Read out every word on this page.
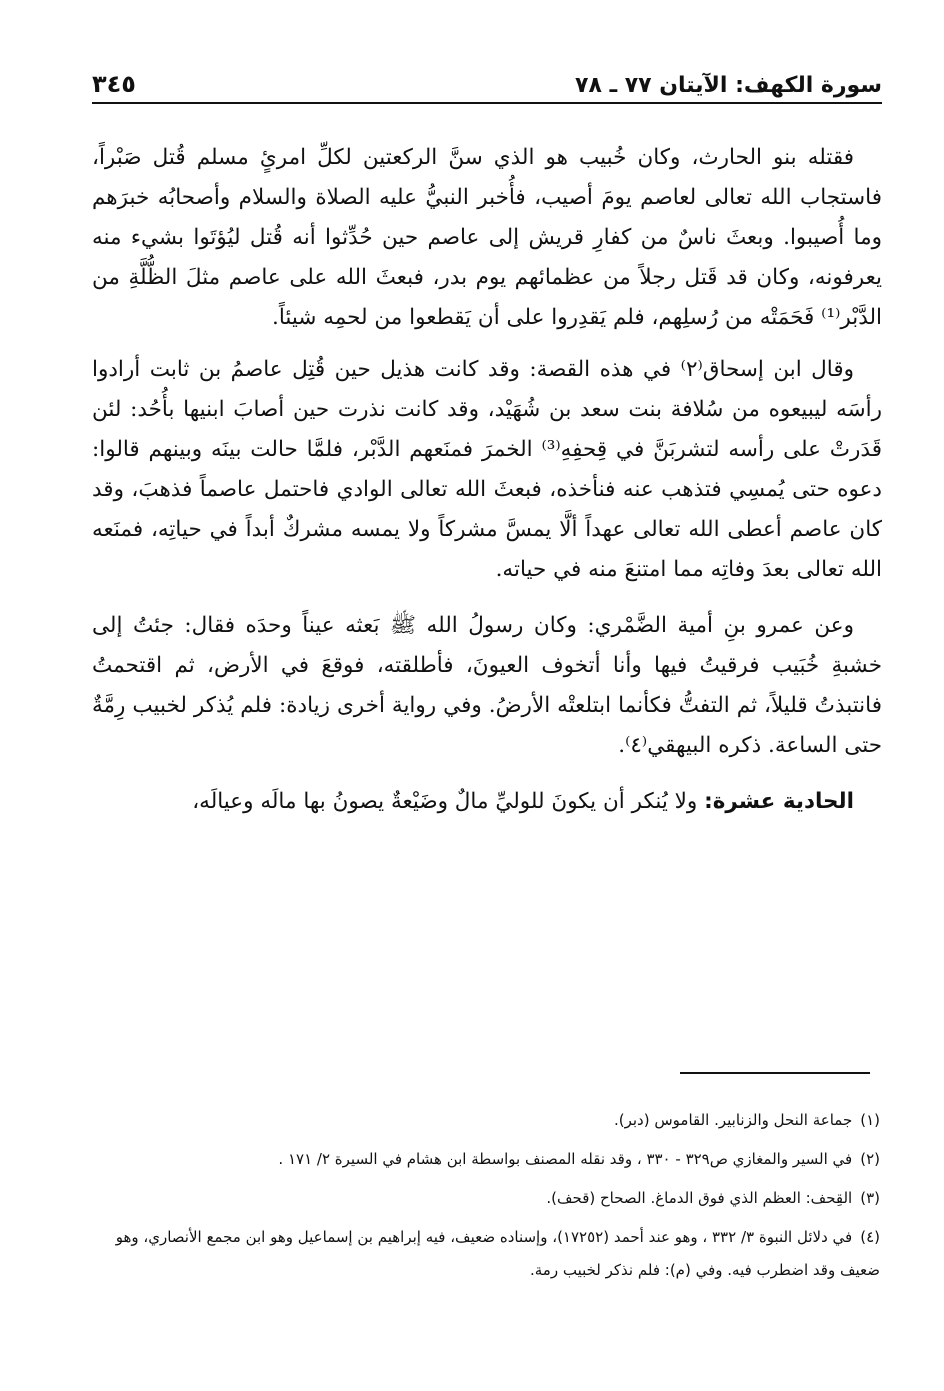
سورة الكهف: الآيتان ٧٧ ـ ٧٨
٣٤٥

فقتله بنو الحارث، وكان خُبيب هو الذي سنَّ الركعتين لكلِّ امرئٍ مسلم قُتل صَبْراً، فاستجاب الله تعالى لعاصم يومَ أصيب، فأُخبر النبيُّ عليه الصلاة والسلام وأصحابُه خبرَهم وما أُصيبوا. وبعثَ ناسٌ من كفارِ قريش إلى عاصم حين حُدِّثوا أنه قُتل ليُؤتَوا بشيء منه يعرفونه، وكان قد قَتل رجلاً من عظمائهم يوم بدر، فبعثَ الله على عاصم مثلَ الظُّلَّةِ من الدَّبْر⁽¹⁾ فَحَمَتْه من رُسلِهم، فلم يَقدِروا على أن يَقطعوا من لحمِه شيئاً.

وقال ابن إسحاق⁽٢⁾ في هذه القصة: وقد كانت هذيل حين قُتِل عاصمُ بن ثابت أرادوا رأسَه ليبيعوه من سُلافة بنت سعد بن شُهَيْد، وقد كانت نذرت حين أصابَ ابنيها بأُحُد: لئن قَدَرتْ على رأسه لتشربَنَّ في قِحفِهِ⁽³⁾ الخمرَ فمنَعهم الدَّبْر، فلمَّا حالت بينَه وبينهم قالوا: دعوه حتى يُمسِي فتذهب عنه فنأخذه، فبعثَ الله تعالى الوادي فاحتمل عاصماً فذهبَ، وقد كان عاصم أعطى الله تعالى عهداً ألَّا يمسَّ مشركاً ولا يمسه مشركٌ أبداً في حياتِه، فمنَعه الله تعالى بعدَ وفاتِه مما امتنعَ منه في حياته.

وعن عمرو بنِ أمية الضَّمْري: وكان رسولُ الله ﷺ بَعثه عيناً وحدَه فقال: جئتُ إلى خشبةِ خُبَيب فرقيتُ فيها وأنا أتخوف العيونَ، فأطلقته، فوقعَ في الأرض، ثم اقتحمتُ فانتبذتُ قليلاً، ثم التفتُّ فكأنما ابتلعتْه الأرضُ. وفي رواية أخرى زيادة: فلم يُذكر لخبيب رِمَّةٌ حتى الساعة. ذكره البيهقي⁽٤⁾.

الحادية عشرة: ولا يُنكر أن يكونَ للوليِّ مالٌ وضَيْعةٌ يصونُ بها مالَه وعيالَه،

(١)جماعة النحل والزنابير. القاموس (دبر).

(٢)في السير والمغازي ص٣٢٩ - ٣٣٠ ، وقد نقله المصنف بواسطة ابن هشام في السيرة ٢/ ١٧١ .

(٣)القِحف: العظم الذي فوق الدماغ. الصحاح (قحف).

(٤)في دلائل النبوة ٣/ ٣٣٢ ، وهو عند أحمد (١٧٢٥٢)، وإسناده ضعيف، فيه إبراهيم بن إسماعيل وهو ابن مجمع الأنصاري، وهو ضعيف وقد اضطرب فيه. وفي (م): فلم نذكر لخبيب رمة.
